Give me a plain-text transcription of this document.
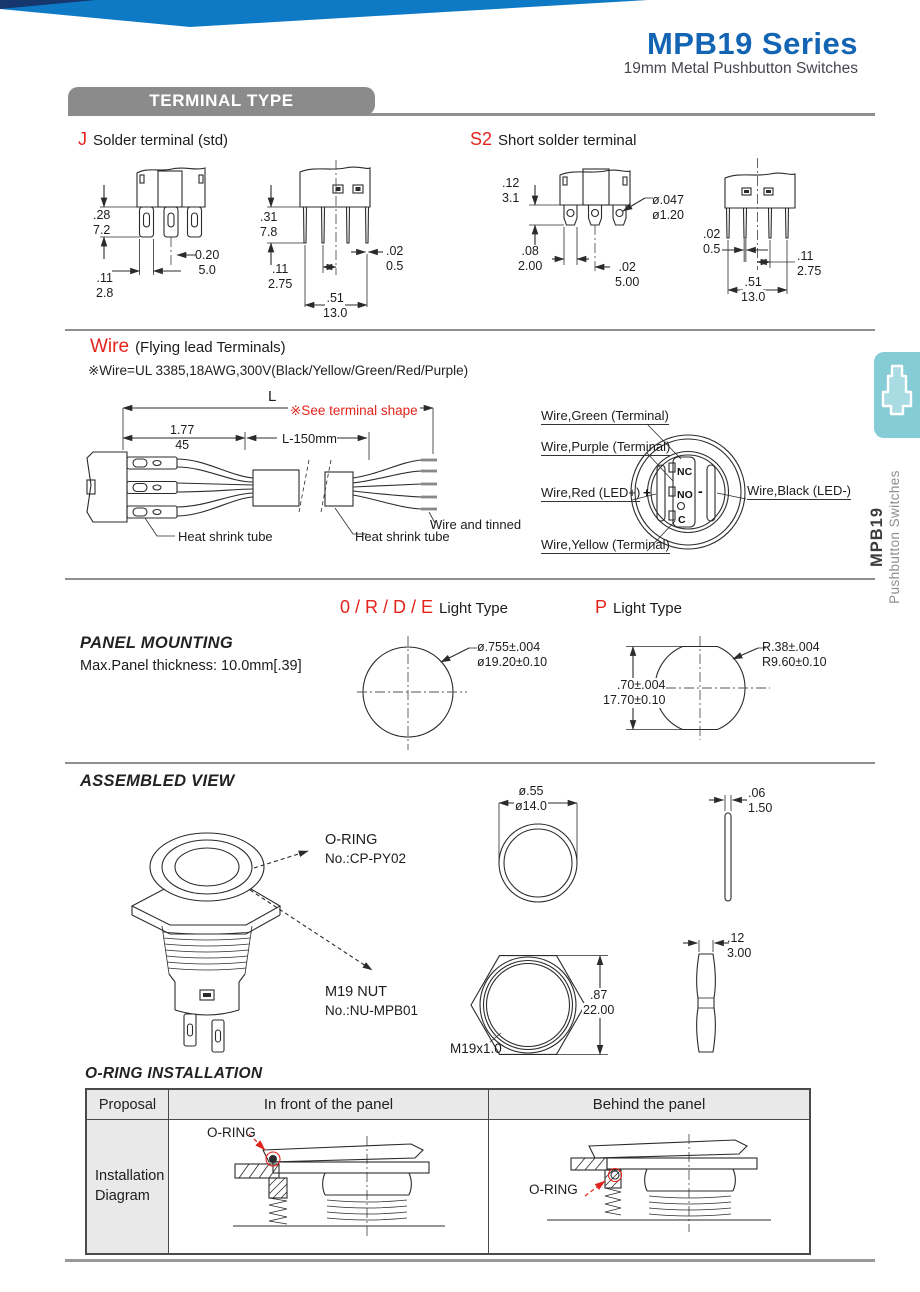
MPB19 Series
19mm Metal Pushbutton Switches
TERMINAL TYPE
J Solder terminal (std)
.28
7.2
0.20
5.0
.11
2.8
.31
7.8
.02
0.5
.11
2.75
.51
13.0
S2 Short solder terminal
.12
3.1	ø.047
ø1.20
.08
2.00	.02
5.00
.02
0.5	.11
2.75
.51
13.0
Wire (Flying lead Terminals)
※Wire=UL 3385,18AWG,300V(Black/Yellow/Green/Red/Purple)
L
※See terminal shape
1.77
45	L-150mm
Heat shrink tube	Heat shrink tube
Wire and tinned
NC
NO
C
+	-
Wire,Green (Terminal)
Wire,Purple (Terminal)
Wire,Red (LED+)
Wire,Yellow (Terminal)
Wire,Black (LED-)
0 / R / D / E Light Type	P Light Type
PANEL MOUNTING
Max.Panel thickness: 10.0mm[.39]
ø.755±.004
ø19.20±0.10
R.38±.004
R9.60±0.10
.70±.004
17.70±0.10
ASSEMBLED VIEW
O-RING
No.:CP-PY02
M19 NUT
No.:NU-MPB01
ø.55
ø14.0
.06
1.50
.87
22.00
M19x1.0
.12
3.00
O-RING INSTALLATION
Proposal	In front of the panel	Behind the panel
Installation Diagram
O-RING
O-RING
MPB19 Pushbutton Switches
